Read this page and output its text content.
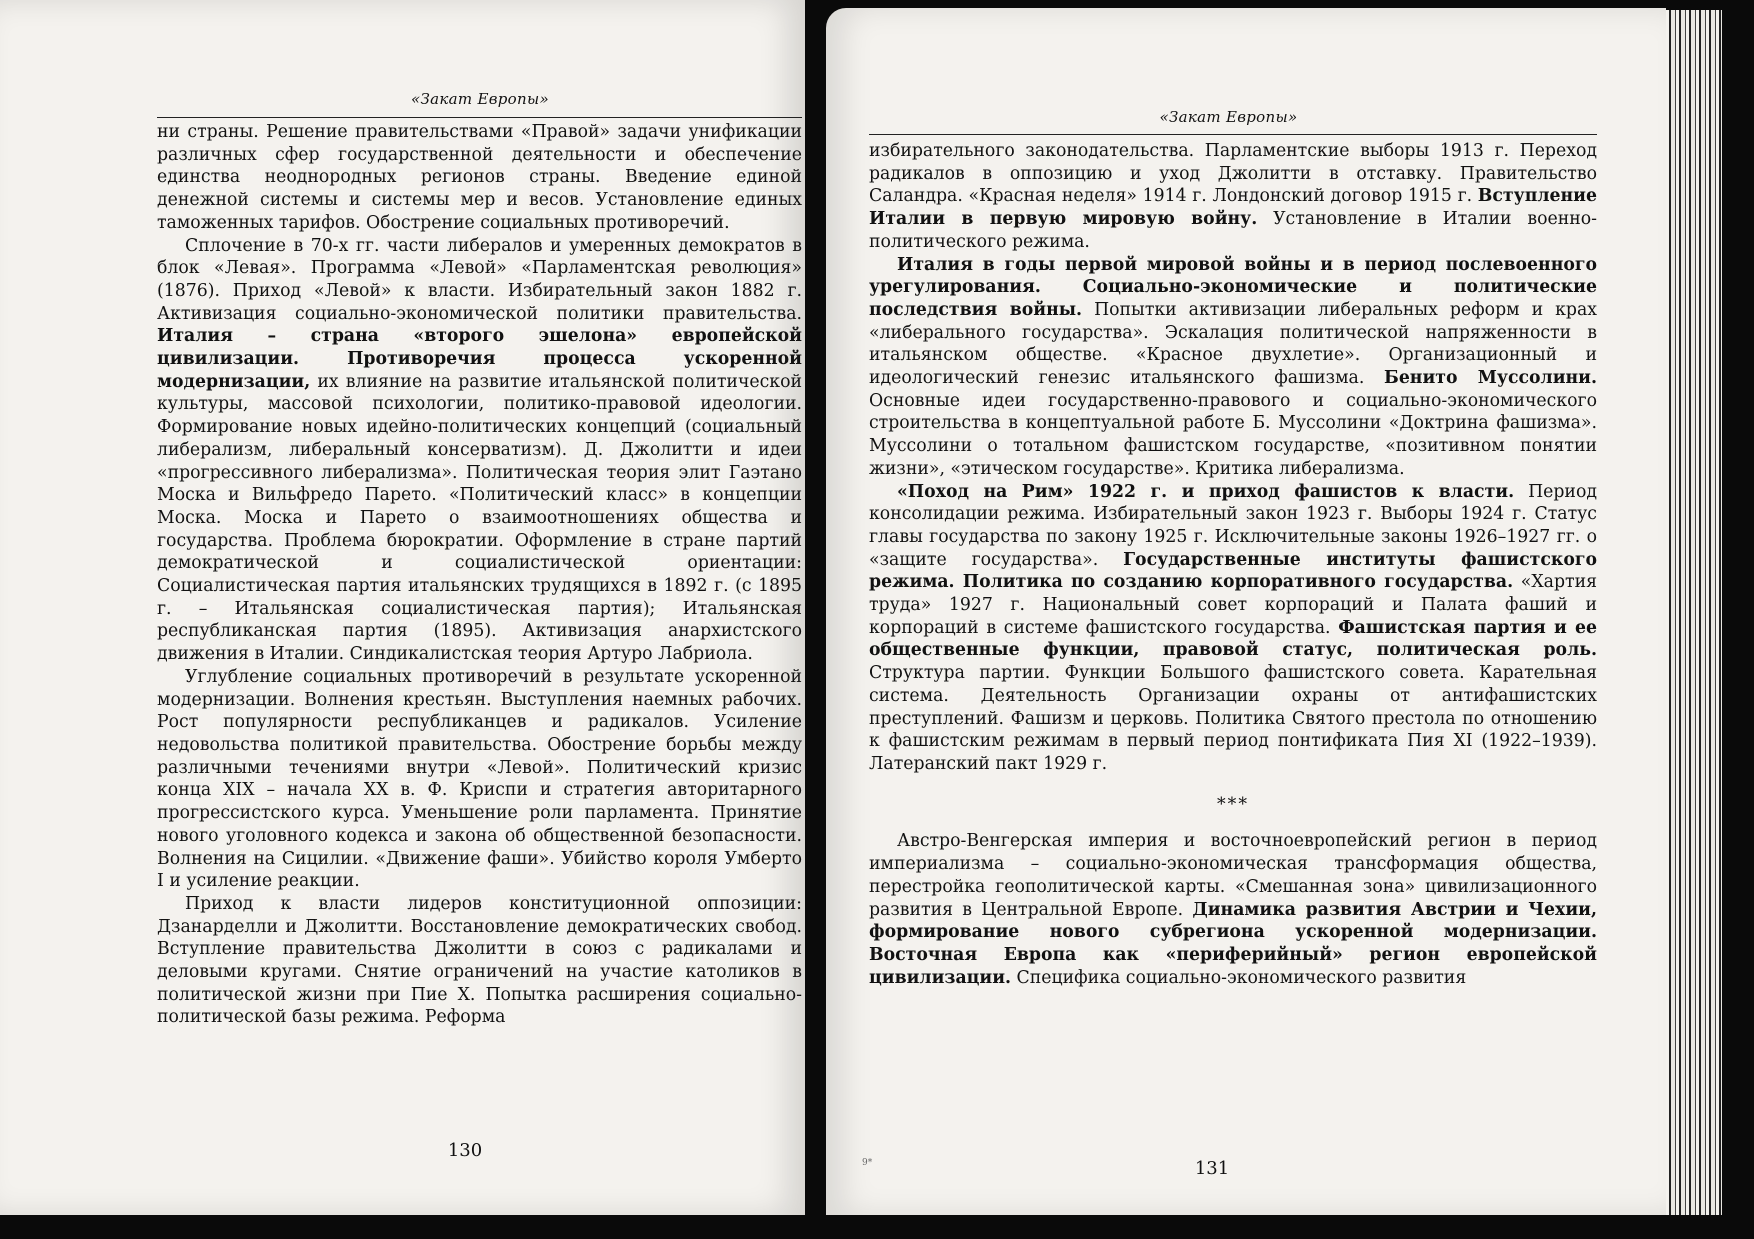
«Закат Европы»

ни страны. Решение правительствами «Правой» задачи унификации различных сфер государственной деятельности и обеспечение единства неоднородных регионов страны. Введение единой денежной системы и системы мер и весов. Установление единых таможенных тарифов. Обострение социальных противоречий.

Сплочение в 70-х гг. части либералов и умеренных демократов в блок «Левая». Программа «Левой» «Парламентская революция» (1876). Приход «Левой» к власти. Избирательный закон 1882 г. Активизация социально-экономической политики правительства. Италия – страна «второго эшелона» европейской цивилизации. Противоречия процесса ускоренной модернизации, их влияние на развитие итальянской политической культуры, массовой психологии, политико-правовой идеологии. Формирование новых идейно-политических концепций (социальный либерализм, либеральный консерватизм). Д. Джолитти и идеи «прогрессивного либерализма». Политическая теория элит Гаэтано Моска и Вильфредо Парето. «Политический класс» в концепции Моска. Моска и Парето о взаимоотношениях общества и государства. Проблема бюрократии. Оформление в стране партий демократической и социалистической ориентации: Социалистическая партия итальянских трудящихся в 1892 г. (с 1895 г. – Итальянская социалистическая партия); Итальянская республиканская партия (1895). Активизация анархистского движения в Италии. Синдикалистская теория Артуро Лабриола.

Углубление социальных противоречий в результате ускоренной модернизации. Волнения крестьян. Выступления наемных рабочих. Рост популярности республиканцев и радикалов. Усиление недовольства политикой правительства. Обострение борьбы между различными течениями внутри «Левой». Политический кризис конца XIX – начала XX в. Ф. Криспи и стратегия авторитарного прогрессистского курса. Уменьшение роли парламента. Принятие нового уголовного кодекса и закона об общественной безопасности. Волнения на Сицилии. «Движение фаши». Убийство короля Умберто I и усиление реакции.

Приход к власти лидеров конституционной оппозиции: Дзанарделли и Джолитти. Восстановление демократических свобод. Вступление правительства Джолитти в союз с радикалами и деловыми кругами. Снятие ограничений на участие католиков в политической жизни при Пие X. Попытка расширения социально-политической базы режима. Реформа

130
«Закат Европы»

избирательного законодательства. Парламентские выборы 1913 г. Переход радикалов в оппозицию и уход Джолитти в отставку. Правительство Саландра. «Красная неделя» 1914 г. Лондонский договор 1915 г. Вступление Италии в первую мировую войну. Установление в Италии военно-политического режима.

Италия в годы первой мировой войны и в период послевоенного урегулирования. Социально-экономические и политические последствия войны. Попытки активизации либеральных реформ и крах «либерального государства». Эскалация политической напряженности в итальянском обществе. «Красное двухлетие». Организационный и идеологический генезис итальянского фашизма. Бенито Муссолини. Основные идеи государственно-правового и социально-экономического строительства в концептуальной работе Б. Муссолини «Доктрина фашизма». Муссолини о тотальном фашистском государстве, «позитивном понятии жизни», «этическом государстве». Критика либерализма.

«Поход на Рим» 1922 г. и приход фашистов к власти. Период консолидации режима. Избирательный закон 1923 г. Выборы 1924 г. Статус главы государства по закону 1925 г. Исключительные законы 1926–1927 гг. о «защите государства». Государственные институты фашистского режима. Политика по созданию корпоративного государства. «Хартия труда» 1927 г. Национальный совет корпораций и Палата фаший и корпораций в системе фашистского государства. Фашистская партия и ее общественные функции, правовой статус, политическая роль. Структура партии. Функции Большого фашистского совета. Карательная система. Деятельность Организации охраны от антифашистских преступлений. Фашизм и церковь. Политика Святого престола по отношению к фашистским режимам в первый период понтификата Пия XI (1922–1939). Латеранский пакт 1929 г.

***

Австро-Венгерская империя и восточноевропейский регион в период империализма – социально-экономическая трансформация общества, перестройка геополитической карты. «Смешанная зона» цивилизационного развития в Центральной Европе. Динамика развития Австрии и Чехии, формирование нового субрегиона ускоренной модернизации. Восточная Европа как «периферийный» регион европейской цивилизации. Специфика социально-экономического развития

9*	131
